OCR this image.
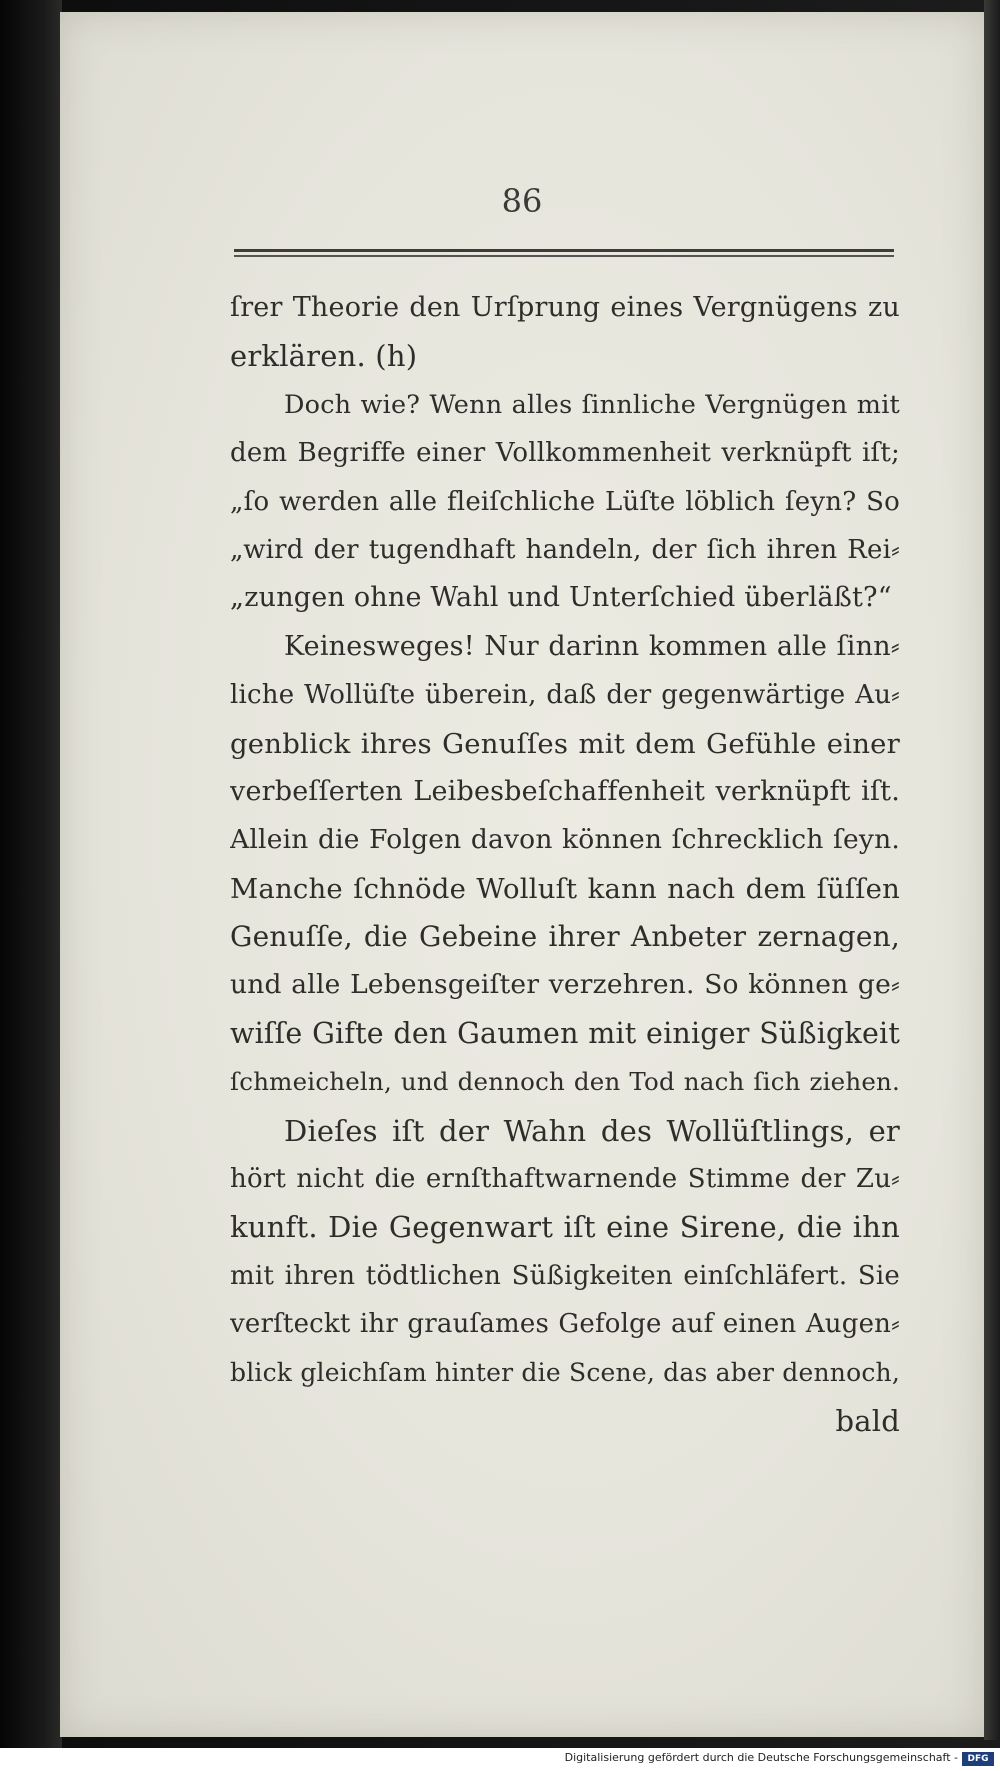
86
ſrer Theorie den Urſprung eines Vergnügens zu
erklären. (h)
Doch wie? Wenn alles ſinnliche Vergnügen mit
dem Begriffe einer Vollkommenheit verknüpft iſt;
„ſo werden alle fleiſchliche Lüſte löblich ſeyn? So
„wird der tugendhaft handeln, der ſich ihren Rei⸗
„zungen ohne Wahl und Unterſchied überläßt?“
Keinesweges! Nur darinn kommen alle ſinn⸗
liche Wollüſte überein, daß der gegenwärtige Au⸗
genblick ihres Genuſſes mit dem Gefühle einer
verbeſſerten Leibesbeſchaffenheit verknüpft iſt.
Allein die Folgen davon können ſchrecklich ſeyn.
Manche ſchnöde Wolluſt kann nach dem ſüſſen
Genuſſe, die Gebeine ihrer Anbeter zernagen,
und alle Lebensgeiſter verzehren. So können ge⸗
wiſſe Gifte den Gaumen mit einiger Süßigkeit
ſchmeicheln, und dennoch den Tod nach ſich ziehen.
Dieſes iſt der Wahn des Wollüſtlings, er
hört nicht die ernſthaftwarnende Stimme der Zu⸗
kunft. Die Gegenwart iſt eine Sirene, die ihn
mit ihren tödtlichen Süßigkeiten einſchläfert. Sie
verſteckt ihr grauſames Gefolge auf einen Augen⸗
blick gleichſam hinter die Scene, das aber dennoch,
bald
Digitalisierung gefördert durch die Deutsche Forschungsgemeinschaft -	DFG
